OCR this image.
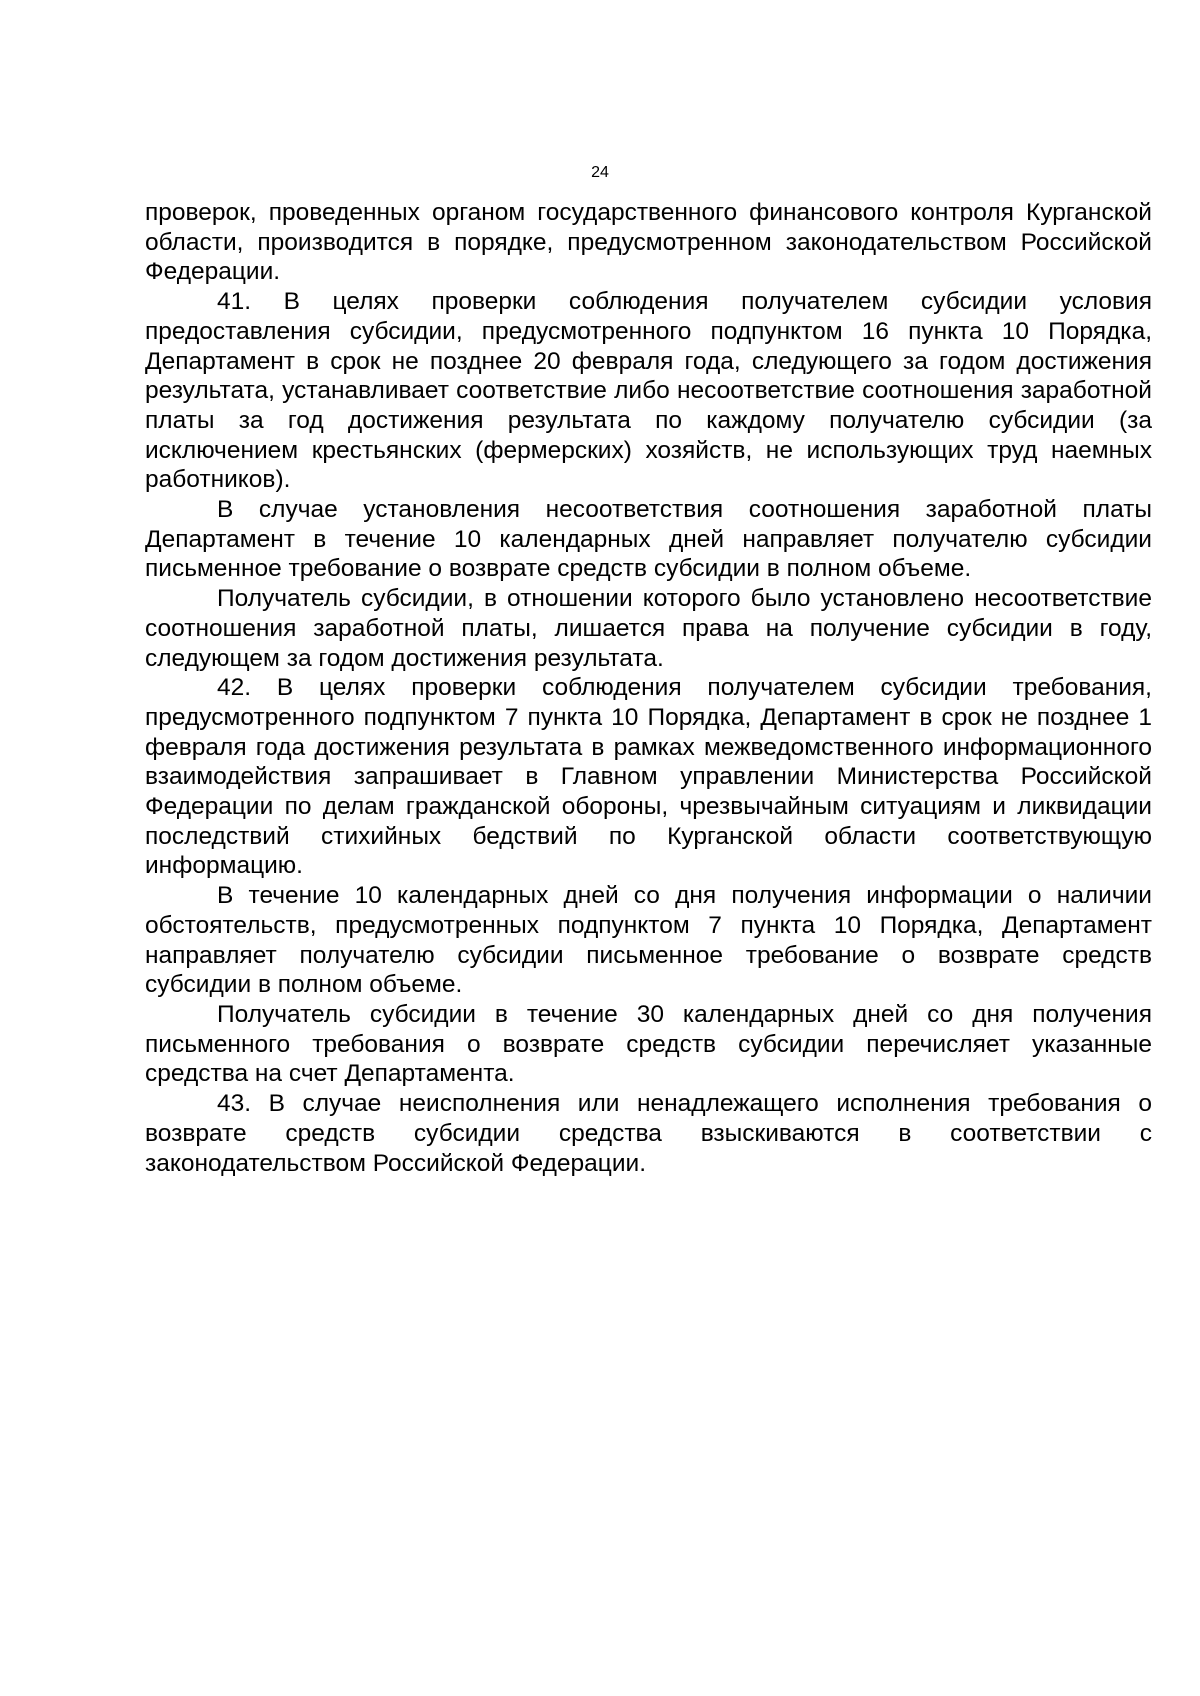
24

проверок, проведенных органом государственного финансового контроля Курганской области, производится в порядке, предусмотренном законодательством Российской Федерации.

41. В целях проверки соблюдения получателем субсидии условия предоставления субсидии, предусмотренного подпунктом 16 пункта 10 Порядка, Департамент в срок не позднее 20 февраля года, следующего за годом достижения результата, устанавливает соответствие либо несоответствие соотношения заработной платы за год достижения результата по каждому получателю субсидии (за исключением крестьянских (фермерских) хозяйств, не использующих труд наемных работников).

В случае установления несоответствия соотношения заработной платы Департамент в течение 10 календарных дней направляет получателю субсидии письменное требование о возврате средств субсидии в полном объеме.

Получатель субсидии, в отношении которого было установлено несоответствие соотношения заработной платы, лишается права на получение субсидии в году, следующем за годом достижения результата.

42. В целях проверки соблюдения получателем субсидии требования, предусмотренного подпунктом 7 пункта 10 Порядка, Департамент в срок не позднее 1 февраля года достижения результата в рамках межведомственного информационного взаимодействия запрашивает в Главном управлении Министерства Российской Федерации по делам гражданской обороны, чрезвычайным ситуациям и ликвидации последствий стихийных бедствий по Курганской области соответствующую информацию.

В течение 10 календарных дней со дня получения информации о наличии обстоятельств, предусмотренных подпунктом 7 пункта 10 Порядка, Департамент направляет получателю субсидии письменное требование о возврате средств субсидии в полном объеме.

Получатель субсидии в течение 30 календарных дней со дня получения письменного требования о возврате средств субсидии перечисляет указанные средства на счет Департамента.

43. В случае неисполнения или ненадлежащего исполнения требования о возврате средств субсидии средства взыскиваются в соответствии с законодательством Российской Федерации.
